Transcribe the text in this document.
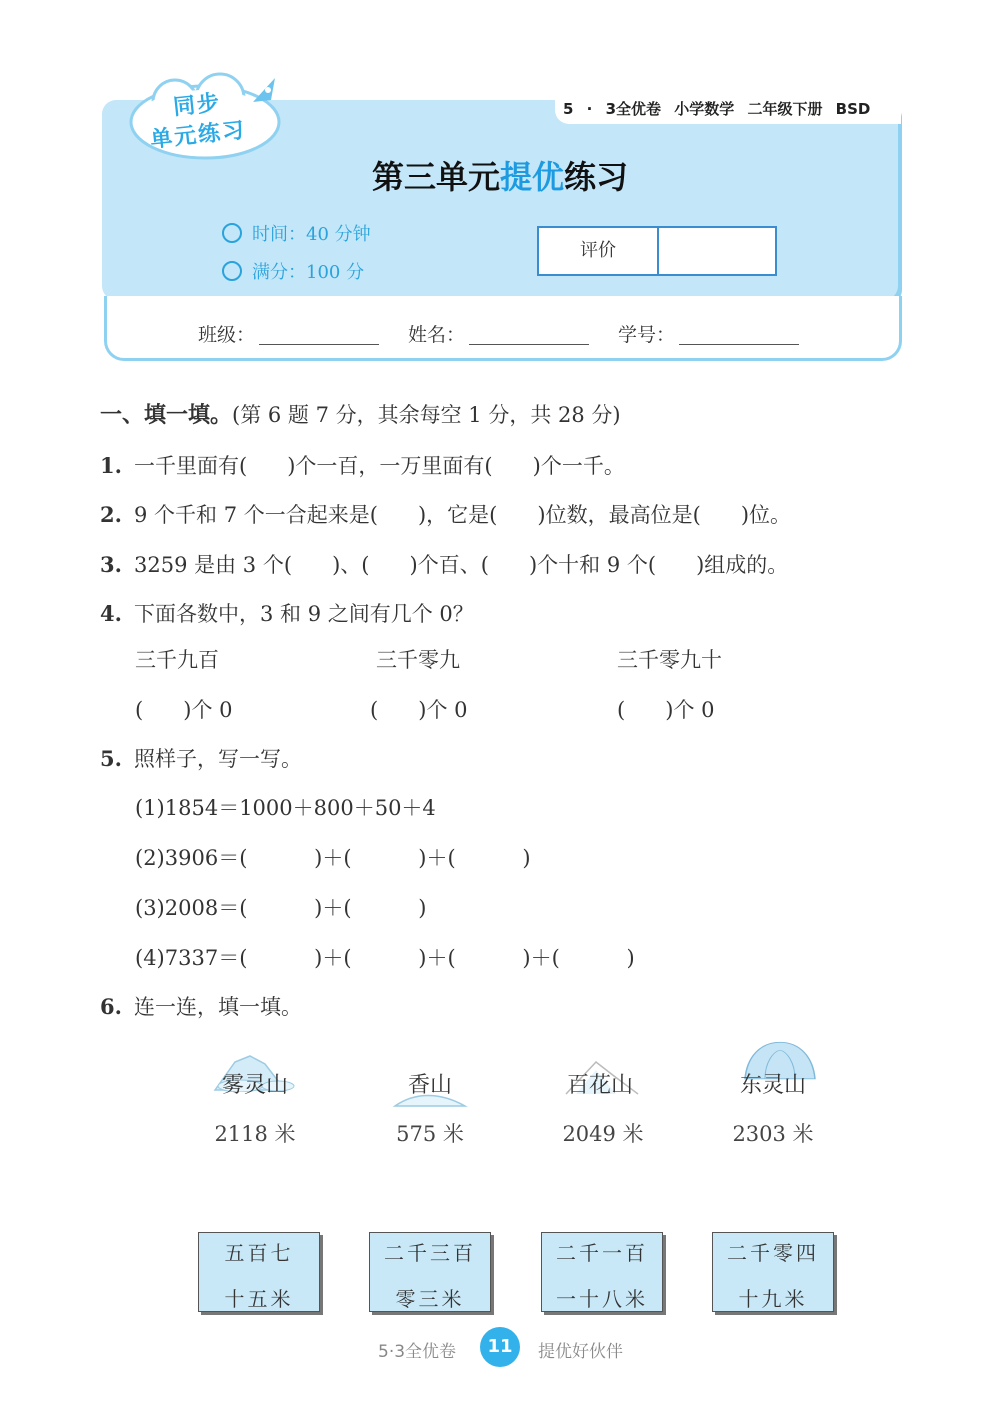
5 · 3全优卷 小学数学 二年级下册 BSD
同步
单元练习
第三单元提优练习
时间：40 分钟
满分：100 分
评价
班级：	姓名：	学号：
一、填一填。(第 6 题 7 分，其余每空 1 分，共 28 分)
1. 一千里面有(      )个一百，一万里面有(      )个一千。
2. 9 个千和 7 个一合起来是(      )，它是(      )位数，最高位是(      )位。
3. 3259 是由 3 个(      )、(      )个百、(      )个十和 9 个(      )组成的。
4. 下面各数中，3 和 9 之间有几个 0？
三千九百	三千零九	三千零九十
(      )个 0	(      )个 0	(      )个 0
5. 照样子，写一写。
(1)1854＝1000＋800＋50＋4
(2)3906＝(          )＋(          )＋(          )
(3)2008＝(          )＋(          )
(4)7337＝(          )＋(          )＋(          )＋(          )
6. 连一连，填一填。
雾灵山	香山	百花山	东灵山
2118 米	575 米	2049 米	2303 米
五百七
十五米
二千三百
零三米
二千一百
一十八米
二千零四
十九米
5·3全优卷	11	提优好伙伴
